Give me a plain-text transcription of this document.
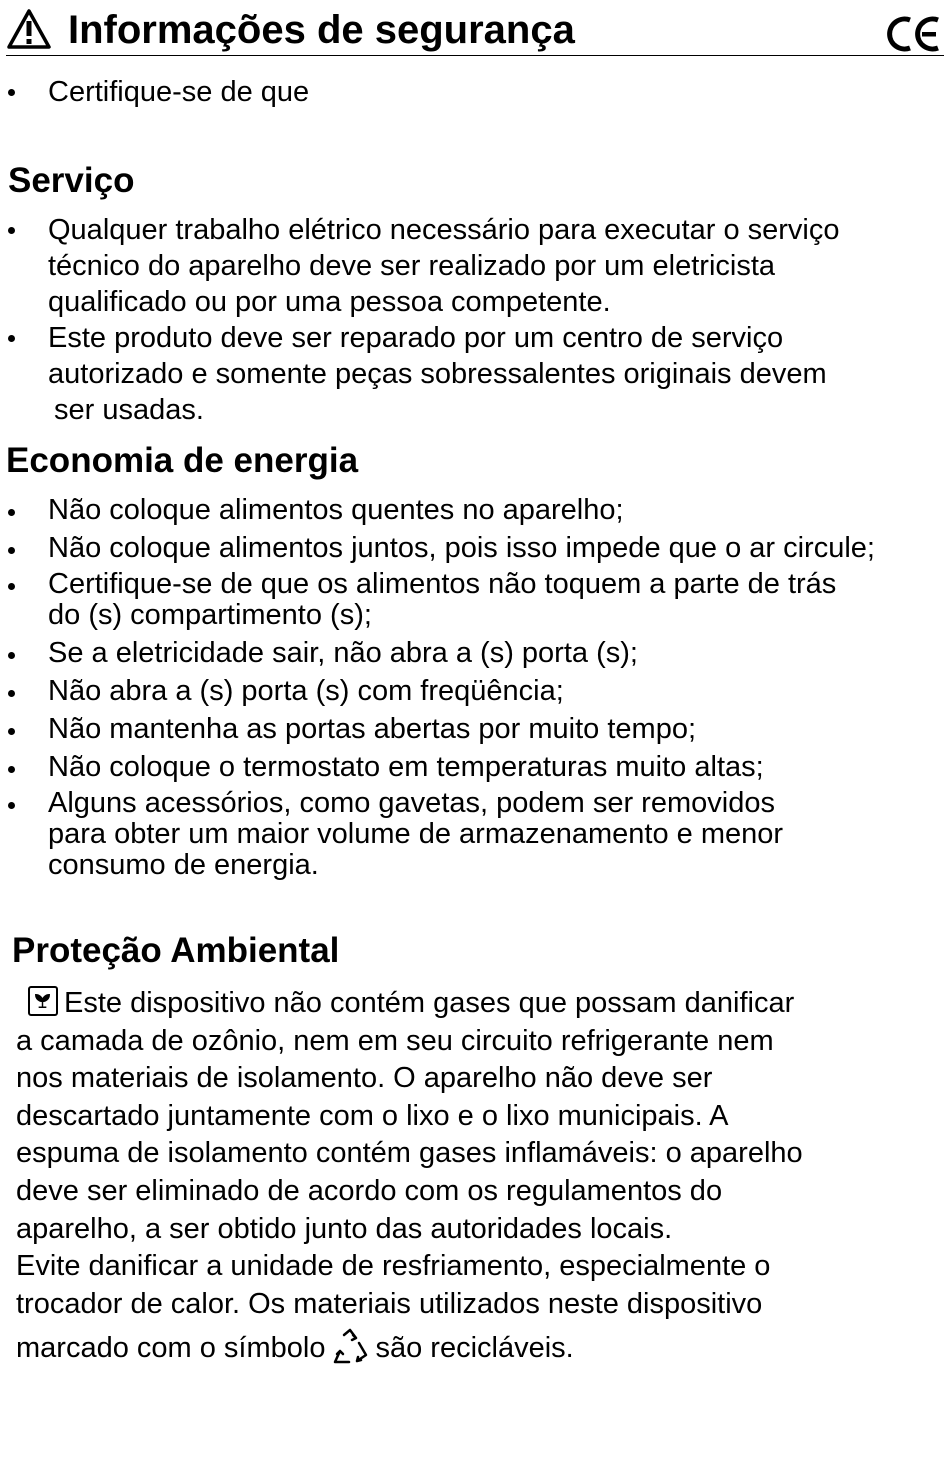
Informações de segurança
Certifique-se de que
Serviço
Qualquer trabalho elétrico necessário para executar o serviço
técnico do aparelho deve ser realizado por um eletricista
qualificado ou por uma pessoa competente.
Este produto deve ser reparado por um centro de serviço
autorizado e somente peças sobressalentes originais devem
ser usadas.
Economia de energia
Não coloque alimentos quentes no aparelho;
Não coloque alimentos juntos, pois isso impede que o ar circule;
Certifique-se de que os alimentos não toquem a parte de trás
do (s) compartimento (s);
Se a eletricidade sair, não abra a (s) porta (s);
Não abra a (s) porta (s) com freqüência;
Não mantenha as portas abertas por muito tempo;
Não coloque o termostato em temperaturas muito altas;
Alguns acessórios, como gavetas, podem ser removidos
para obter um maior volume de armazenamento e menor
consumo de energia.
Proteção Ambiental
Este dispositivo não contém gases que possam danificar
a camada de ozônio, nem em seu circuito refrigerante nem
nos materiais de isolamento. O aparelho não deve ser
descartado juntamente com o lixo e o lixo municipais. A
espuma de isolamento contém gases inflamáveis: o aparelho
deve ser eliminado de acordo com os regulamentos do
aparelho, a ser obtido junto das autoridades locais.
Evite danificar a unidade de resfriamento, especialmente o
trocador de calor. Os materiais utilizados neste dispositivo
marcado com o símbolo são recicláveis.
